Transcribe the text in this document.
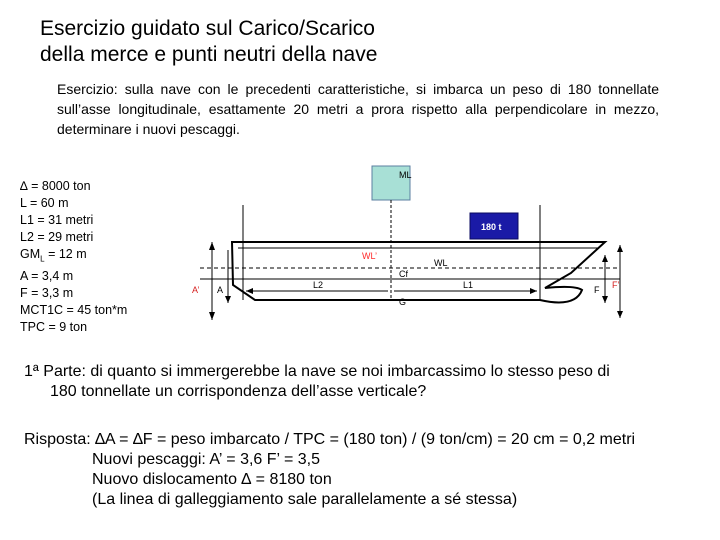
Esercizio guidato sul Carico/Scarico
della merce e punti neutri della nave
Esercizio: sulla nave con le precedenti caratteristiche, si imbarca un peso di 180 tonnellate sull’asse longitudinale, esattamente 20 metri a prora rispetto alla perpendicolare in mezzo, determinare i nuovi pescaggi.
∆ = 8000 ton
L = 60 m
L1 = 31 metri
L2 = 29 metri
$GM_L = 12$ m
A = 3,4 m
F = 3,3 m
MCT1C = 45 ton*m
TPC = 9 ton
ML
180 t
WL’
WL
Cf
G
L2	L1
A’ A	F F’
1ª Parte: di quanto si immergerebbe la nave se noi imbarcassimo lo stesso peso di
180 tonnellate un corrispondenza dell’asse verticale?
Risposta: ∆A = ∆F = peso imbarcato / TPC = (180 ton) / (9 ton/cm) = 20 cm = 0,2 metri
Nuovi pescaggi: A’ = 3,6 F’ = 3,5
Nuovo dislocamento ∆ = 8180 ton
(La linea di galleggiamento sale parallelamente a sé stessa)
